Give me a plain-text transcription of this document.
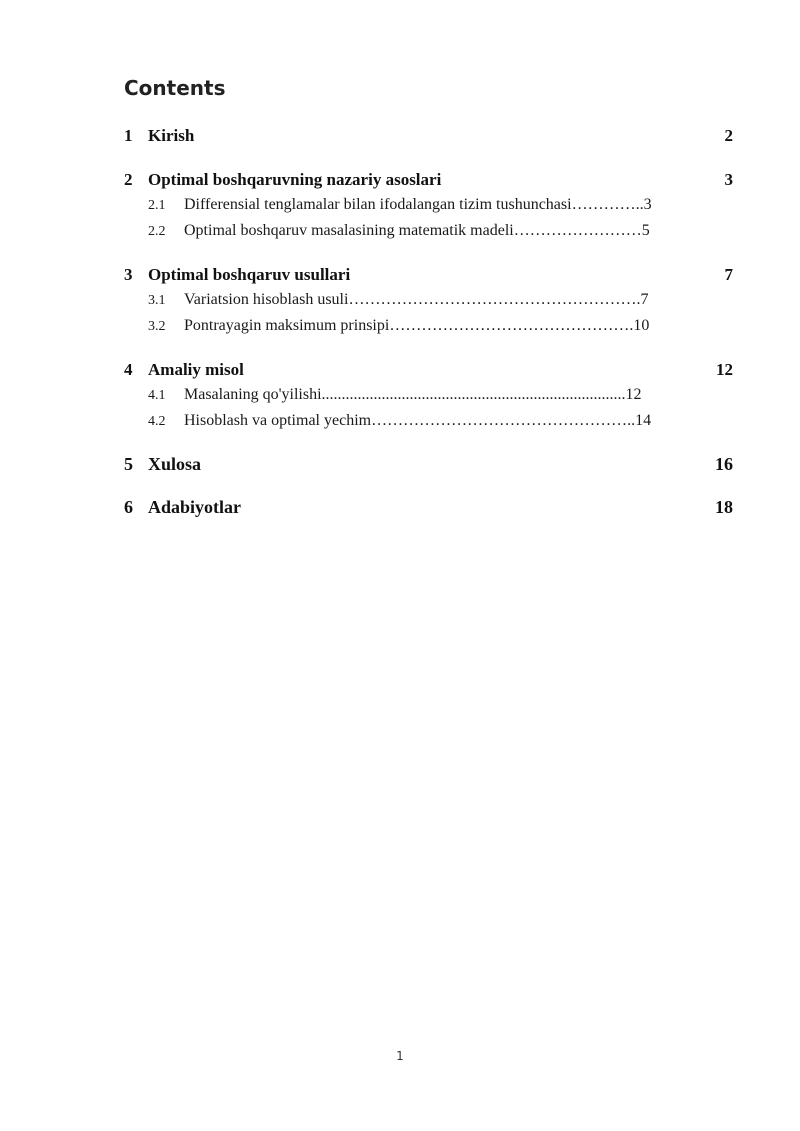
Contents
1 Kirish	2
2 Optimal boshqaruvning nazariy asoslari	3
2.1 Differensial tenglamalar bilan ifodalangan tizim tushunchasi…………..3
2.2 Optimal boshqaruv masalasining matematik madeli……………………5
3 Optimal boshqaruv usullari	7
3.1 Variatsion hisoblash usuli……………………………………………….7
3.2 Pontrayagin maksimum prinsipi……………………………………….10
4 Amaliy misol	12
4.1 Masalaning qo'yilishi............................................................................12
4.2 Hisoblash va optimal yechim…………………………………………..14
5 Xulosa	16
6 Adabiyotlar	18
1
